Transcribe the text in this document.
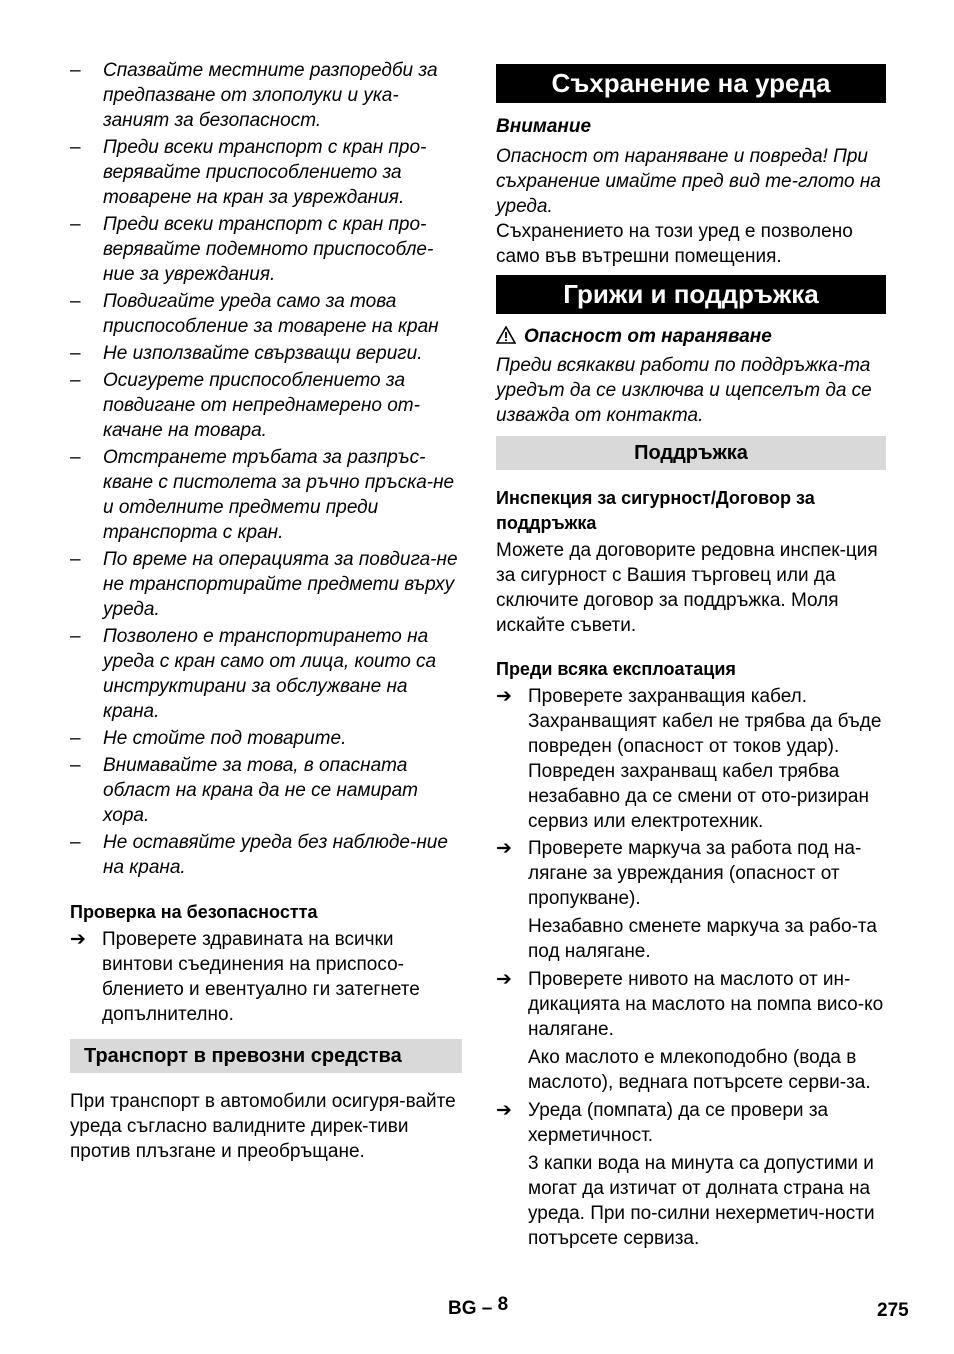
– Спазвайте местните разпоредби за предпазване от злополуки и ука-заният за безопасност.
– Преди всеки транспорт с кран про-верявайте приспособлението за товарене на кран за увреждания.
– Преди всеки транспорт с кран про-верявайте подемното приспособле-ние за увреждания.
– Повдигайте уреда само за това приспособление за товарене на кран
– Не използвайте свързващи вериги.
– Осигурете приспособлението за повдигане от непреднамерено от-качане на товара.
– Отстранете тръбата за разпръс-кване с пистолета за ръчно пръска-не и отделните предмети преди транспорта с кран.
– По време на операцията за повдига-не не транспортирайте предмети върху уреда.
– Позволено е транспортирането на уреда с кран само от лица, които са инструктирани за обслужване на крана.
– Не стойте под товарите.
– Внимавайте за това, в опасната област на крана да не се намират хора.
– Не оставяйте уреда без наблюде-ние на крана.
Проверка на безопасността
➔ Проверете здравината на всички винтови съединения на приспосо-блението и евентуално ги затегнете допълнително.
Транспорт в превозни средства
При транспорт в автомобили осигуря-вайте уреда съгласно валидните дирек-тиви против плъзгане и преобръщане.
Съхранение на уреда
Внимание
Опасност от нараняване и повреда! При съхранение имайте пред вид те-глото на уреда.
Съхранението на този уред е позволено само във вътрешни помещения.
Грижи и поддръжка
Опасност от нараняване
Преди всякакви работи по поддръжка-та уредът да се изключва и щепселът да се изважда от контакта.
Поддръжка
Инспекция за сигурност/Договор за поддръжка
Можете да договорите редовна инспек-ция за сигурност с Вашия търговец или да сключите договор за поддръжка. Моля искайте съвети.
Преди всяка експлоатация
➔ Проверете захранващия кабел.
Захранващият кабел не трябва да бъде повреден (опасност от токов удар). Повреден захранващ кабел трябва незабавно да се смени от ото-ризиран сервиз или електротехник.
➔ Проверете маркуча за работа под на-лягане за увреждания (опасност от пропукване).
Незабавно сменете маркуча за рабо-та под налягане.
➔ Проверете нивото на маслото от ин-дикацията на маслото на помпа висо-ко налягане.
Ако маслото е млекоподобно (вода в маслото), веднага потърсете серви-за.
➔ Уреда (помпата) да се провери за херметичност.
3 капки вода на минута са допустими и могат да изтичат от долната страна на уреда. При по-силни нехерметич-ности потърсете сервиза.
BG – 8	275
